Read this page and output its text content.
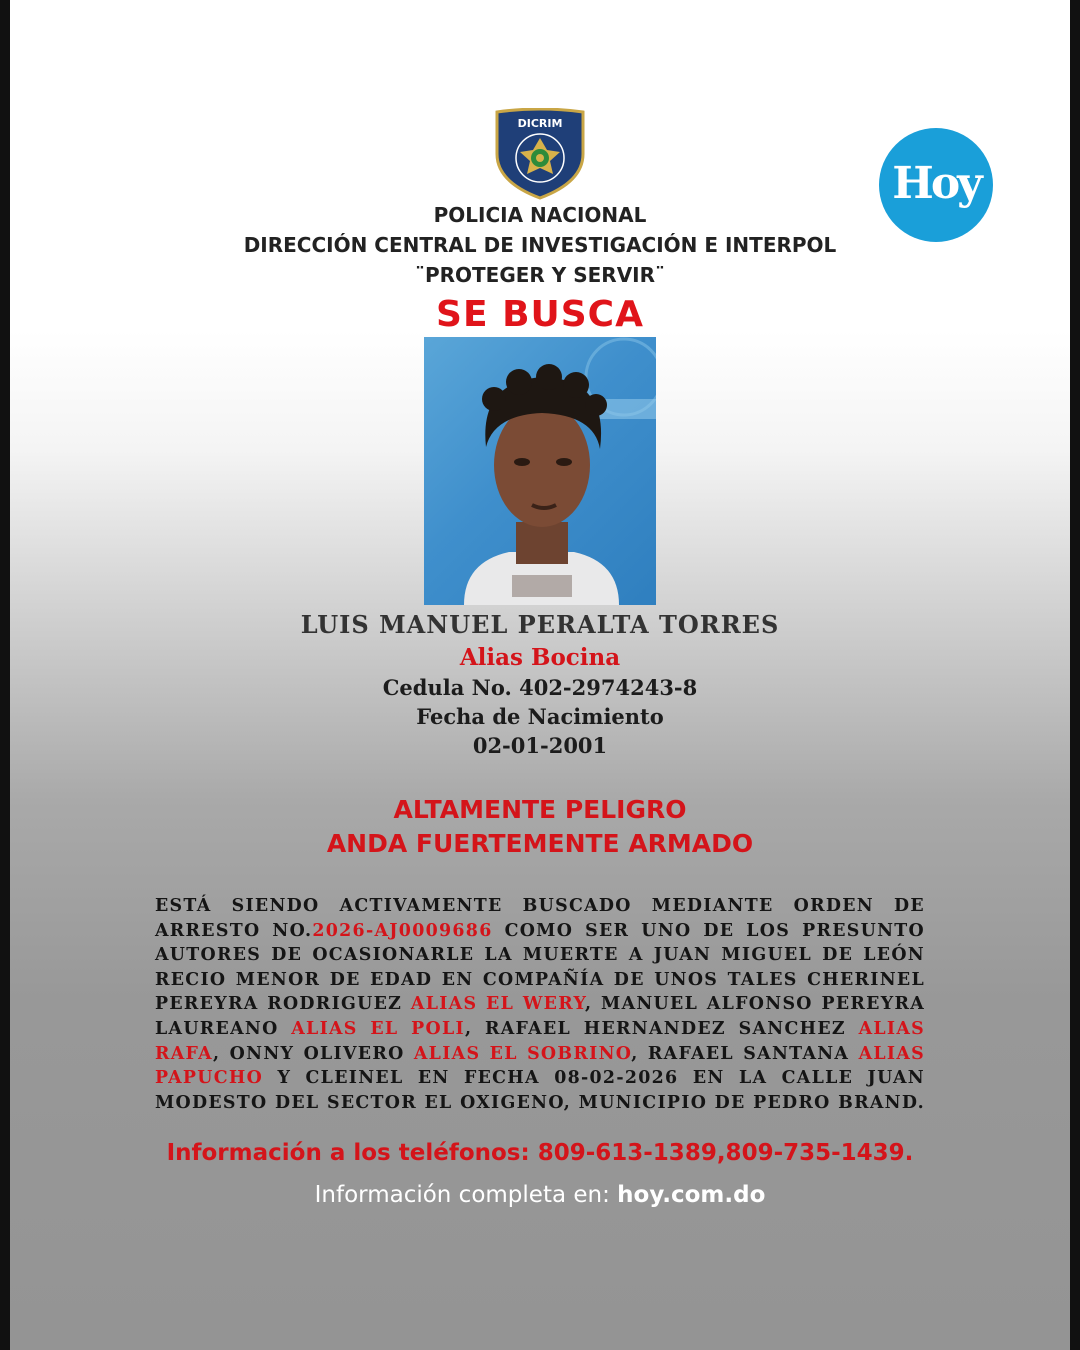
DICRIM
Hoy
POLICIA NACIONAL
DIRECCIÓN CENTRAL DE INVESTIGACIÓN E INTERPOL
¨PROTEGER Y SERVIR¨
SE BUSCA
LUIS MANUEL PERALTA TORRES
Alias Bocina
Cedula No. 402-2974243-8
Fecha de Nacimiento
02-01-2001
ALTAMENTE PELIGRO
ANDA FUERTEMENTE ARMADO
ESTÁ SIENDO ACTIVAMENTE BUSCADO MEDIANTE ORDEN DE ARRESTO NO.2026-AJ0009686 COMO SER UNO DE LOS PRESUNTO AUTORES DE OCASIONARLE LA MUERTE A JUAN MIGUEL DE LEÓN RECIO MENOR DE EDAD EN COMPAÑÍA DE UNOS TALES CHERINEL PEREYRA RODRIGUEZ ALIAS EL WERY, MANUEL ALFONSO PEREYRA LAUREANO ALIAS EL POLI, RAFAEL HERNANDEZ SANCHEZ ALIAS RAFA, ONNY OLIVERO ALIAS EL SOBRINO, RAFAEL SANTANA ALIAS PAPUCHO Y CLEINEL EN FECHA 08-02-2026 EN LA CALLE JUAN MODESTO DEL SECTOR EL OXIGENO, MUNICIPIO DE PEDRO BRAND.
Información a los teléfonos: 809-613-1389,809-735-1439.
Información completa en: hoy.com.do
